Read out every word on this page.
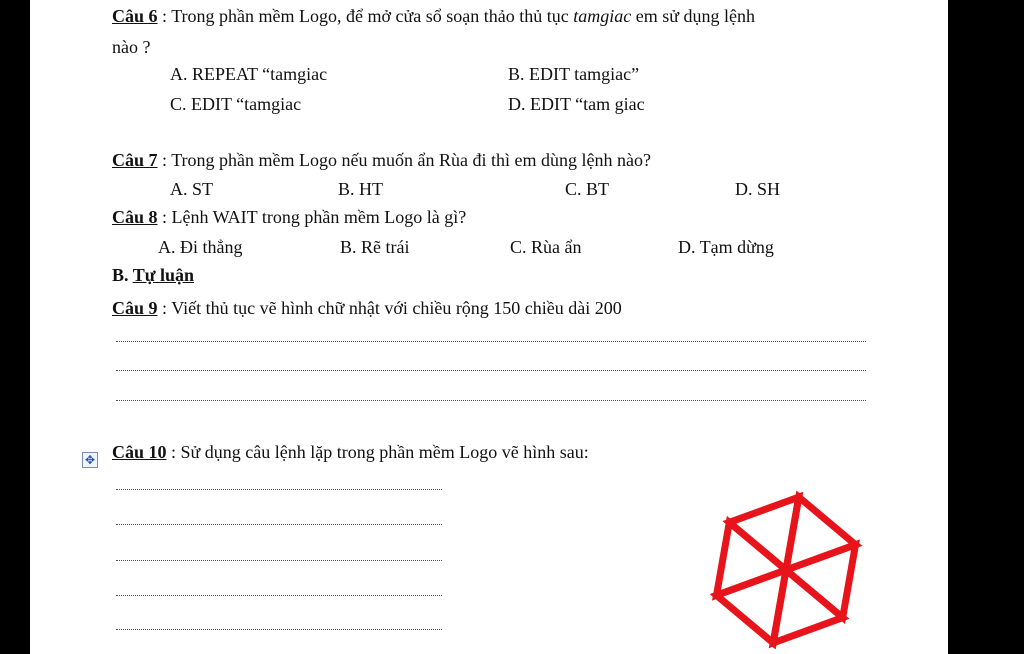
Câu 6 : Trong phần mềm Logo, để mở cửa sổ soạn thảo thủ tục tamgiac em sử dụng lệnh
nào ?
A. REPEAT “tamgiac	B. EDIT tamgiac”
C. EDIT “tamgiac	D. EDIT “tam giac
Câu 7 : Trong phần mềm Logo nếu muốn ẩn Rùa đi thì em dùng lệnh nào?
A. ST	B. HT	C. BT	D. SH
Câu 8 : Lệnh WAIT trong phần mềm Logo là gì?
A. Đi thẳng	B. Rẽ trái	C. Rùa ẩn	D. Tạm dừng
B. Tự luận
Câu 9 : Viết thủ tục vẽ hình chữ nhật với chiều rộng 150 chiều dài 200
✥ Câu 10 : Sử dụng câu lệnh lặp trong phần mềm Logo vẽ hình sau:
